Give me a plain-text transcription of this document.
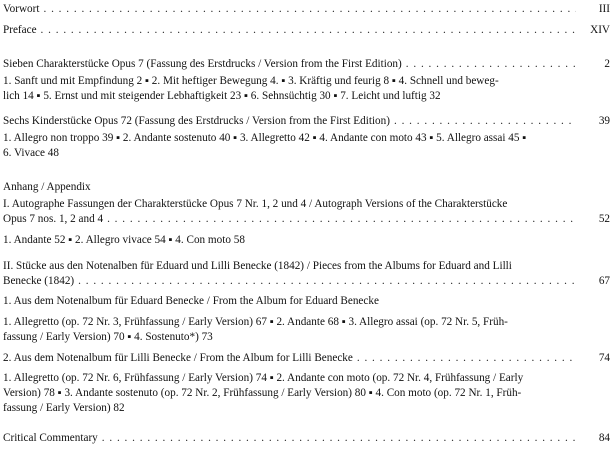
Vorwort . . .	III
Preface . . .	XIV
Sieben Charakterstücke Opus 7 (Fassung des Erstdrucks / Version from the First Edition) . . .	2
1. Sanft und mit Empfindung 2 ▪ 2. Mit heftiger Bewegung 4. ▪ 3. Kräftig und feurig 8 ▪ 4. Schnell und beweg-
lich 14 ▪ 5. Ernst und mit steigender Lebhaftigkeit 23 ▪ 6. Sehnsüchtig 30 ▪ 7. Leicht und luftig 32
Sechs Kinderstücke Opus 72 (Fassung des Erstdrucks / Version from the First Edition) . . .	39
1. Allegro non troppo 39 ▪ 2. Andante sostenuto 40 ▪ 3. Allegretto 42 ▪ 4. Andante con moto 43 ▪ 5. Allegro assai 45 ▪
6. Vivace 48
Anhang / Appendix
I. Autographe Fassungen der Charakterstücke Opus 7 Nr. 1, 2 und 4 / Autograph Versions of the Charakterstücke
Opus 7 nos. 1, 2 and 4 . . .	52
1. Andante 52 ▪ 2. Allegro vivace 54 ▪ 4. Con moto 58
II. Stücke aus den Notenalben für Eduard und Lilli Benecke (1842) / Pieces from the Albums for Eduard and Lilli
Benecke (1842) . . .	67
1. Aus dem Notenalbum für Eduard Benecke / From the Album for Eduard Benecke
1. Allegretto (op. 72 Nr. 3, Frühfassung / Early Version) 67 ▪ 2. Andante 68 ▪ 3. Allegro assai (op. 72 Nr. 5, Früh-
fassung / Early Version) 70 ▪ 4. Sostenuto*) 73
2. Aus dem Notenalbum für Lilli Benecke / From the Album for Lilli Benecke . . .	74
1. Allegretto (op. 72 Nr. 6, Frühfassung / Early Version) 74 ▪ 2. Andante con moto (op. 72 Nr. 4, Frühfassung / Early
Version) 78 ▪ 3. Andante sostenuto (op. 72 Nr. 2, Frühfassung / Early Version) 80 ▪ 4. Con moto (op. 72 Nr. 1, Früh-
fassung / Early Version) 82
Critical Commentary . . .	84
